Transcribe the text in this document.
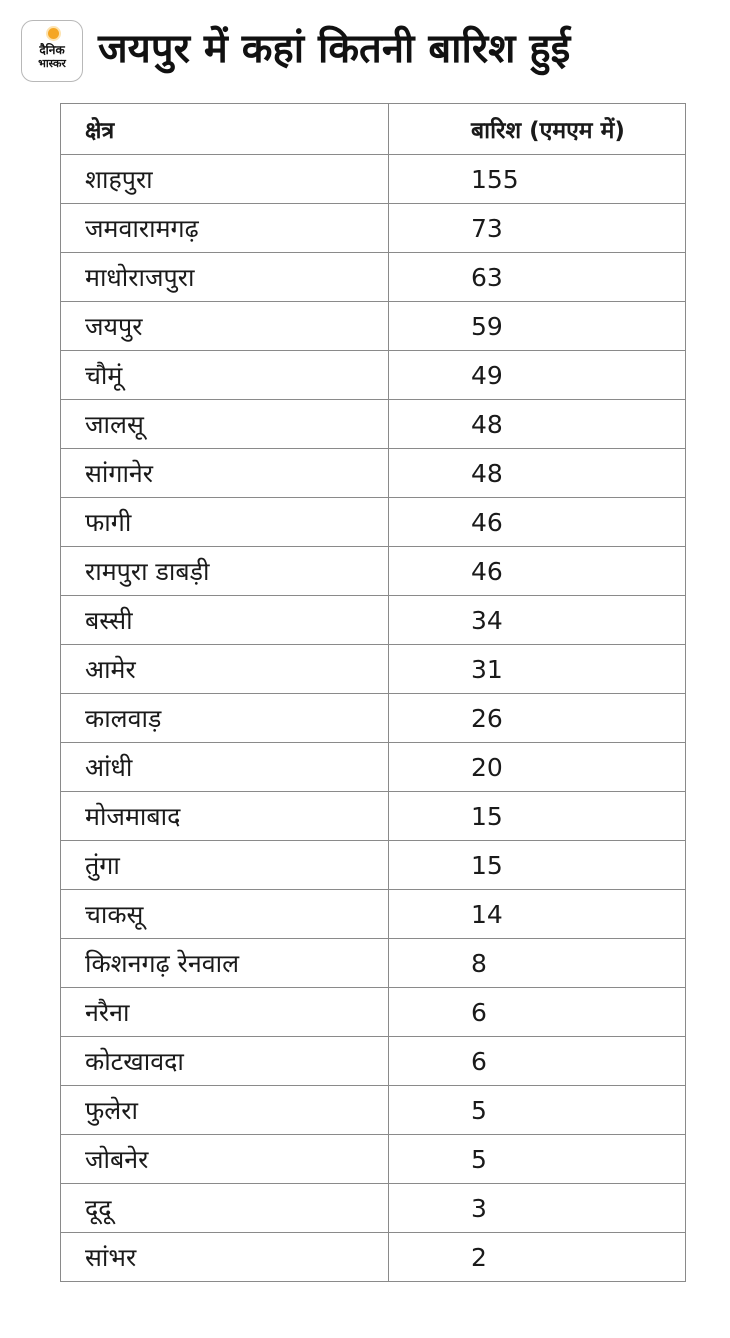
दैनिक
भास्कर जयपुर में कहां कितनी बारिश हुई
क्षेत्र	बारिश (एमएम में)
शाहपुरा	155
जमवारामगढ़	73
माधोराजपुरा	63
जयपुर	59
चौमूं	49
जालसू	48
सांगानेर	48
फागी	46
रामपुरा डाबड़ी	46
बस्सी	34
आमेर	31
कालवाड़	26
आंधी	20
मोजमाबाद	15
तुंगा	15
चाकसू	14
किशनगढ़ रेनवाल	8
नरैना	6
कोटखावदा	6
फुलेरा	5
जोबनेर	5
दूदू	3
सांभर	2
